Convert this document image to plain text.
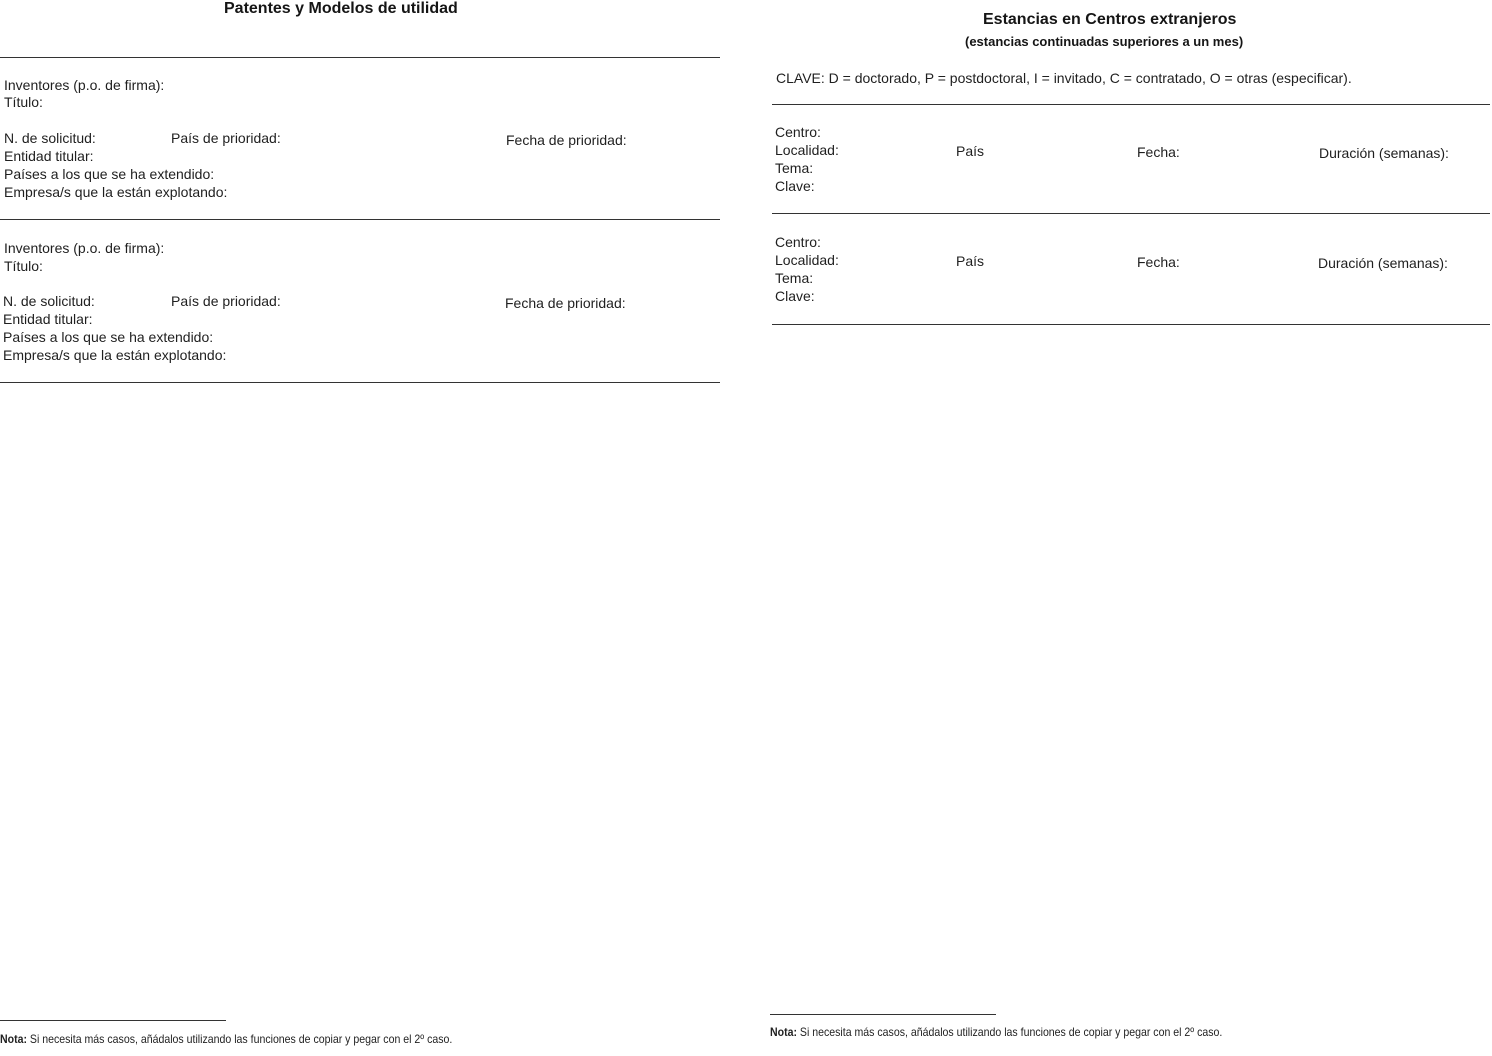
Patentes y Modelos de utilidad
Inventores (p.o. de firma):
Título:
N. de solicitud:	País de prioridad:	Fecha de prioridad:
Entidad titular:
Países a los que se ha extendido:
Empresa/s que la están explotando:
Inventores (p.o. de firma):
Título:
N. de solicitud:	País de prioridad:	Fecha de prioridad:
Entidad titular:
Países a los que se ha extendido:
Empresa/s que la están explotando:
Nota: Si necesita más casos, añádalos utilizando las funciones de copiar y pegar con el 2º caso.
Estancias en Centros extranjeros
(estancias continuadas superiores a un mes)
CLAVE: D = doctorado, P = postdoctoral, I = invitado, C = contratado, O = otras (especificar).
Centro:
Localidad:	País	Fecha:	Duración (semanas):
Tema:
Clave:
Centro:
Localidad:	País	Fecha:	Duración (semanas):
Tema:
Clave:
Nota: Si necesita más casos, añádalos utilizando las funciones de copiar y pegar con el 2º caso.
